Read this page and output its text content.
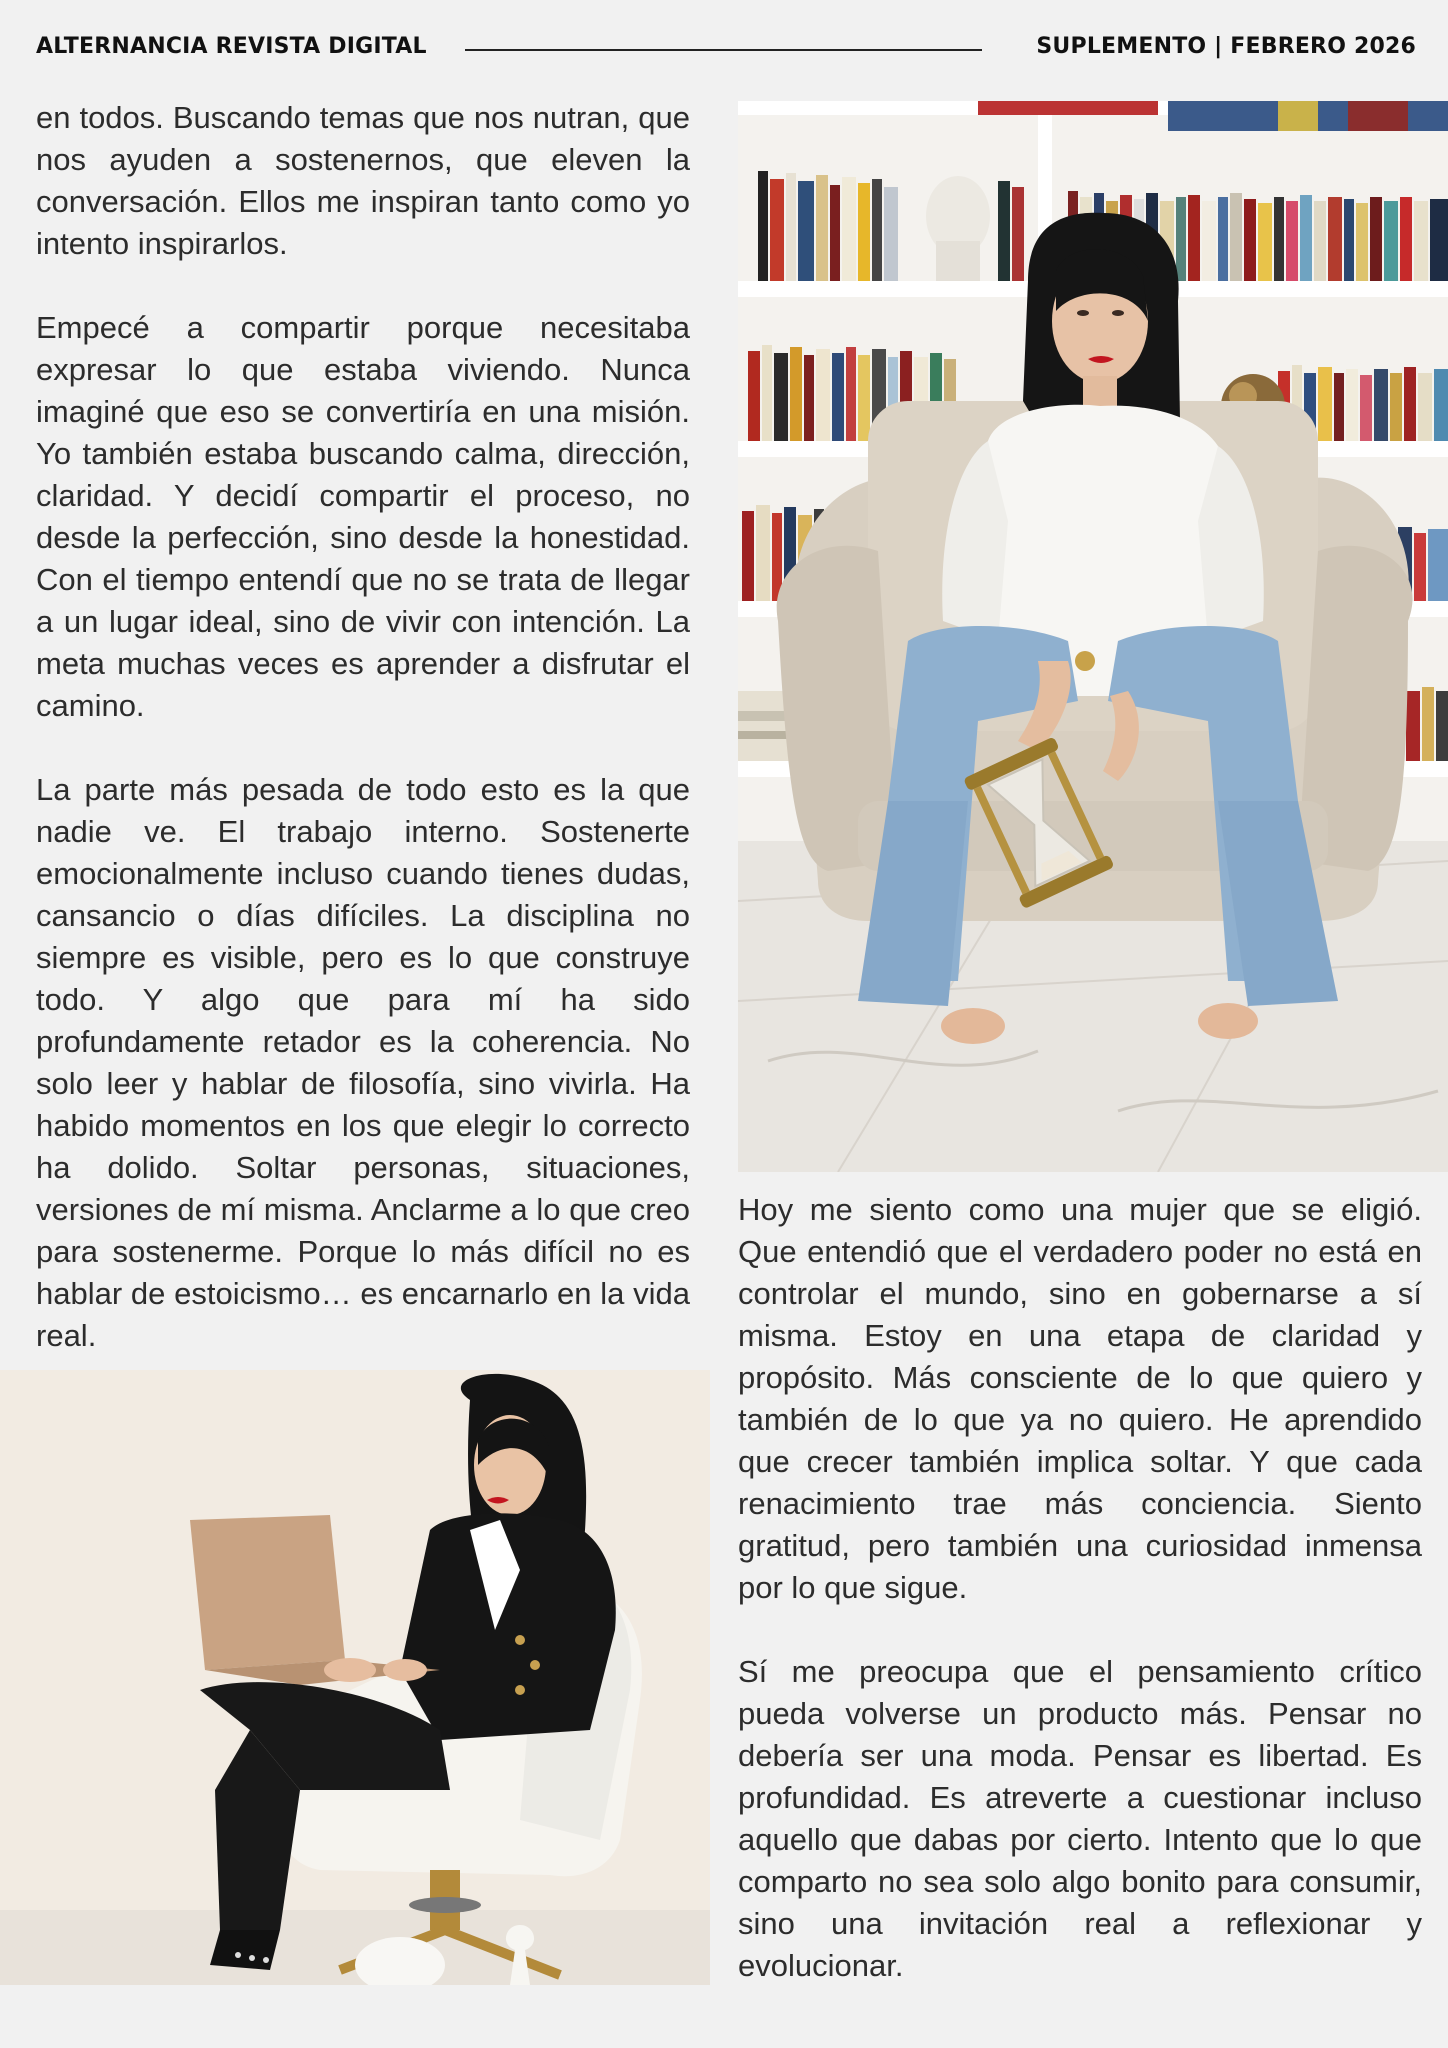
ALTERNANCIA REVISTA DIGITAL	SUPLEMENTO | FEBRERO 2026

en todos. Buscando temas que nos nutran, que nos ayuden a sostenernos, que eleven la conversación. Ellos me inspiran tanto como yo intento inspirarlos.

Empecé a compartir porque necesitaba expresar lo que estaba viviendo. Nunca imaginé que eso se convertiría en una misión. Yo también estaba buscando calma, dirección, claridad. Y decidí compartir el proceso, no desde la perfección, sino desde la honestidad. Con el tiempo entendí que no se trata de llegar a un lugar ideal, sino de vivir con intención. La meta muchas veces es aprender a disfrutar el camino.

La parte más pesada de todo esto es la que nadie ve. El trabajo interno. Sostenerte emocionalmente incluso cuando tienes dudas, cansancio o días difíciles. La disciplina no siempre es visible, pero es lo que construye todo. Y algo que para mí ha sido profundamente retador es la coherencia. No solo leer y hablar de filosofía, sino vivirla. Ha habido momentos en los que elegir lo correcto ha dolido. Soltar personas, situaciones, versiones de mí misma. Anclarme a lo que creo para sostenerme. Porque lo más difícil no es hablar de estoicismo… es encarnarlo en la vida real.

Hoy me siento como una mujer que se eligió. Que entendió que el verdadero poder no está en controlar el mundo, sino en gobernarse a sí misma. Estoy en una etapa de claridad y propósito. Más consciente de lo que quiero y también de lo que ya no quiero. He aprendido que crecer también implica soltar. Y que cada renacimiento trae más conciencia. Siento gratitud, pero también una curiosidad inmensa por lo que sigue.

Sí me preocupa que el pensamiento crítico pueda volverse un producto más. Pensar no debería ser una moda. Pensar es libertad. Es profundidad. Es atreverte a cuestionar incluso aquello que dabas por cierto. Intento que lo que comparto no sea solo algo bonito para consumir, sino una invitación real a reflexionar y evolucionar.
